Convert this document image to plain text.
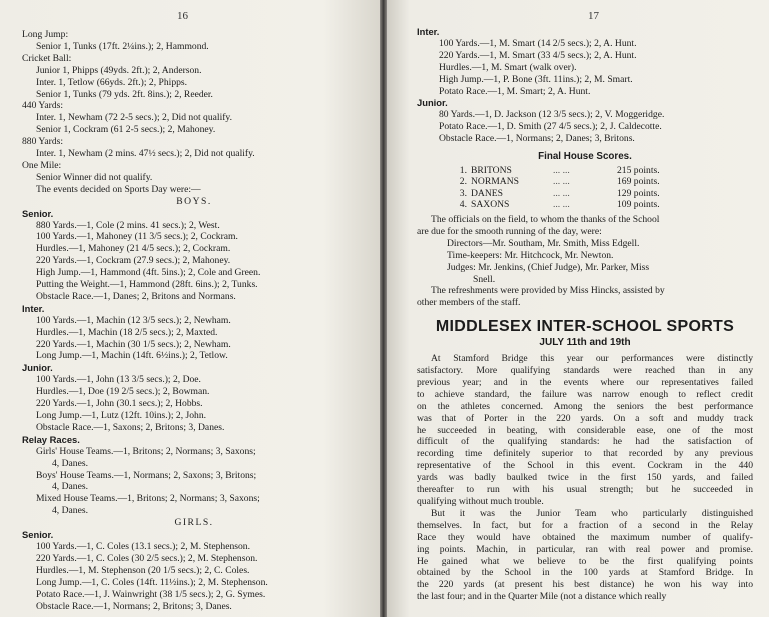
16
Long Jump:
Senior 1, Tunks (17ft. 2¼ins.); 2, Hammond.
Cricket Ball:
Junior 1, Phipps (49yds. 2ft.); 2, Anderson.
Inter. 1, Tetlow (66yds. 2ft.); 2, Phipps.
Senior 1, Tunks (79 yds. 2ft. 8ins.); 2, Reeder.
440 Yards:
Inter. 1, Newham (72 2-5 secs.); 2, Did not qualify.
Senior 1, Cockram (61 2-5 secs.); 2, Mahoney.
880 Yards:
Inter. 1, Newham (2 mins. 47½ secs.); 2, Did not qualify.
One Mile:
Senior Winner did not qualify.
The events decided on Sports Day were:—
BOYS.
Senior.
880 Yards.—1, Cole (2 mins. 41 secs.); 2, West.
100 Yards.—1, Mahoney (11 3/5 secs.); 2, Cockram.
Hurdles.—1, Mahoney (21 4/5 secs.); 2, Cockram.
220 Yards.—1, Cockram (27.9 secs.); 2, Mahoney.
High Jump.—1, Hammond (4ft. 5ins.); 2, Cole and Green.
Putting the Weight.—1, Hammond (28ft. 6ins.); 2, Tunks.
Obstacle Race.—1, Danes; 2, Britons and Normans.
Inter.
100 Yards.—1, Machin (12 3/5 secs.); 2, Newham.
Hurdles.—1, Machin (18 2/5 secs.); 2, Maxted.
220 Yards.—1, Machin (30 1/5 secs.); 2, Newham.
Long Jump.—1, Machin (14ft. 6½ins.); 2, Tetlow.
Junior.
100 Yards.—1, John (13 3/5 secs.); 2, Doe.
Hurdles.—1, Doe (19 2/5 secs.); 2, Bowman.
220 Yards.—1, John (30.1 secs.); 2, Hobbs.
Long Jump.—1, Lutz (12ft. 10ins.); 2, John.
Obstacle Race.—1, Saxons; 2, Britons; 3, Danes.
Relay Races.
Girls' House Teams.—1, Britons; 2, Normans; 3, Saxons;
4, Danes.
Boys' House Teams.—1, Normans; 2, Saxons; 3, Britons;
4, Danes.
Mixed House Teams.—1, Britons; 2, Normans; 3, Saxons;
4, Danes.
GIRLS.
Senior.
100 Yards.—1, C. Coles (13.1 secs.); 2, M. Stephenson.
220 Yards.—1, C. Coles (30 2/5 secs.); 2, M. Stephenson.
Hurdles.—1, M. Stephenson (20 1/5 secs.); 2, C. Coles.
Long Jump.—1, C. Coles (14ft. 11½ins.); 2, M. Stephenson.
Potato Race.—1, J. Wainwright (38 1/5 secs.); 2, G. Symes.
Obstacle Race.—1, Normans; 2, Britons; 3, Danes.
17
Inter.
100 Yards.—1, M. Smart (14 2/5 secs.); 2, A. Hunt.
220 Yards.—1, M. Smart (33 4/5 secs.); 2, A. Hunt.
Hurdles.—1, M. Smart (walk over).
High Jump.—1, P. Bone (3ft. 11ins.); 2, M. Smart.
Potato Race.—1, M. Smart; 2, A. Hunt.
Junior.
80 Yards.—1, D. Jackson (12 3/5 secs.); 2, V. Moggeridge.
Potato Race.—1, D. Smith (27 4/5 secs.); 2, J. Caldecotte.
Obstacle Race.—1, Normans; 2, Danes; 3, Britons.
Final House Scores.
1.	BRITONS	... ...	215 points.
2.	NORMANS	... ...	169 points.
3.	DANES	... ...	129 points.
4.	SAXONS	... ...	109 points.
The officials on the field, to whom the thanks of the School
are due for the smooth running of the day, were:
Directors—Mr. Southam, Mr. Smith, Miss Edgell.
Time-keepers: Mr. Hitchcock, Mr. Newton.
Judges: Mr. Jenkins, (Chief Judge), Mr. Parker, Miss
Snell.
The refreshments were provided by Miss Hincks, assisted by
other members of the staff.
MIDDLESEX INTER-SCHOOL SPORTS
JULY 11th and 19th
At Stamford Bridge this year our performances were distinctly
satisfactory. More qualifying standards were reached than in any
previous year; and in the events where our representatives failed
to achieve standard, the failure was narrow enough to reflect credit
on the athletes concerned. Among the seniors the best performance
was that of Porter in the 220 yards. On a soft and muddy track
he succeeded in beating, with considerable ease, one of the most
difficult of the qualifying standards: he had the satisfaction of
recording time definitely superior to that recorded by any previous
representative of the School in this event. Cockram in the 440
yards was badly baulked twice in the first 150 yards, and failed
thereafter to run with his usual strength; but he succeeded in
qualifying without much trouble.
But it was the Junior Team who particularly distinguished
themselves. In fact, but for a fraction of a second in the Relay
Race they would have obtained the maximum number of qualify-
ing points. Machin, in particular, ran with real power and promise.
He gained what we believe to be the first qualifying points
obtained by the School in the 100 yards at Stamford Bridge. In
the 220 yards (at present his best distance) he won his way into
the last four; and in the Quarter Mile (not a distance which really
